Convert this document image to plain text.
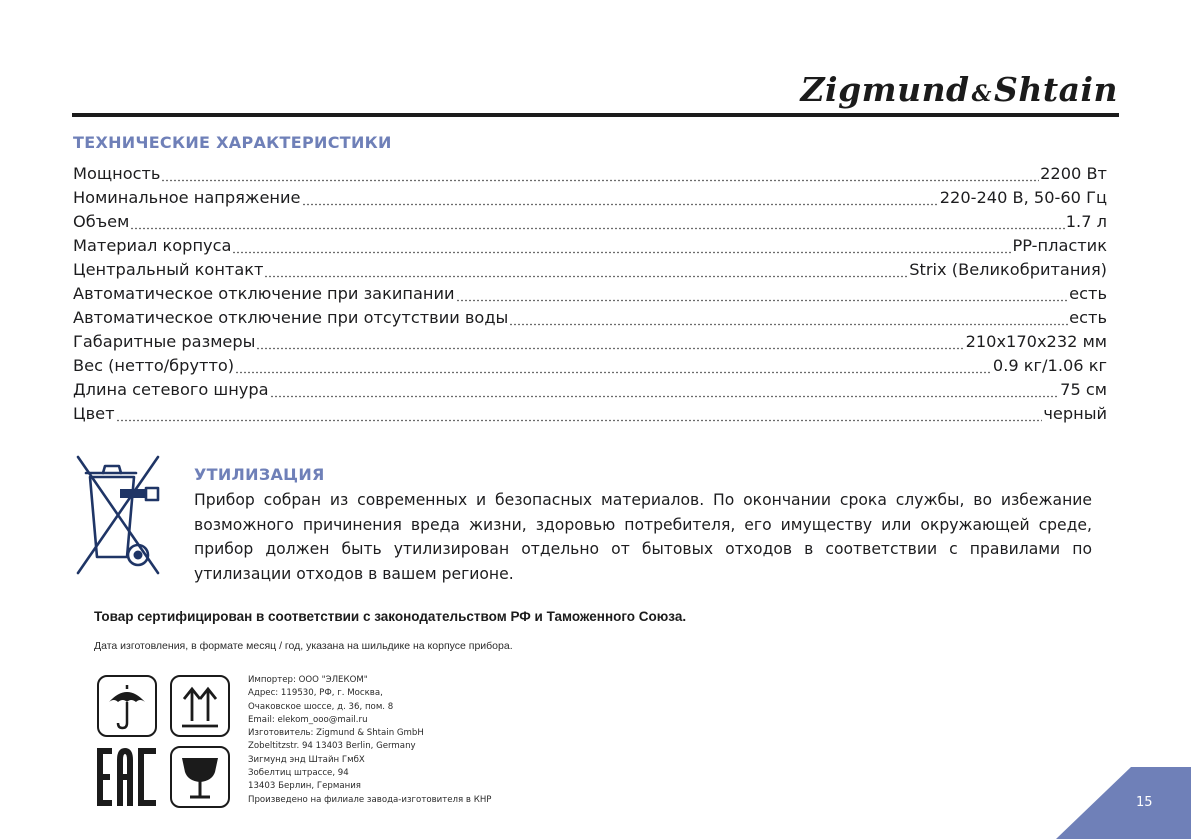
Zigmund&Shtain
ТЕХНИЧЕСКИЕ ХАРАКТЕРИСТИКИ
Мощность	2200 Вт
Номинальное напряжение	220-240 В, 50-60 Гц
Объем	1.7 л
Материал корпуса	PP-пластик
Центральный контакт	Strix (Великобритания)
Автоматическое отключение при закипании	есть
Автоматическое отключение при отсутствии воды	есть
Габаритные размеры	210х170х232 мм
Вес (нетто/брутто)	0.9 кг/1.06 кг
Длина сетевого шнура	75 см
Цвет	черный
УТИЛИЗАЦИЯ
Прибор собран из современных и безопасных материалов. По окончании срока службы, во избежание возможного причинения вреда жизни, здоровью потребителя, его имуществу или окружающей среде, прибор должен быть утилизирован отдельно от бытовых отходов в соответствии с правилами по утилизации отходов в вашем регионе.
Товар сертифицирован в соответствии с законодательством РФ и Таможенного Союза.
Дата изготовления, в формате месяц / год, указана на шильдике на корпусе прибора.
Импортер: ООО "ЭЛЕКОМ"
Адрес: 119530, РФ, г. Москва,
Очаковское шоссе, д. 36, пом. 8
Email: elekom_ooo@mail.ru
Изготовитель: Zigmund & Shtain GmbH
Zobeltitzstr. 94 13403 Berlin, Germany
Зигмунд энд Штайн ГмбХ
Зобелтиц штрассе, 94
13403 Берлин, Германия
Произведено на филиале завода-изготовителя в КНР	15
